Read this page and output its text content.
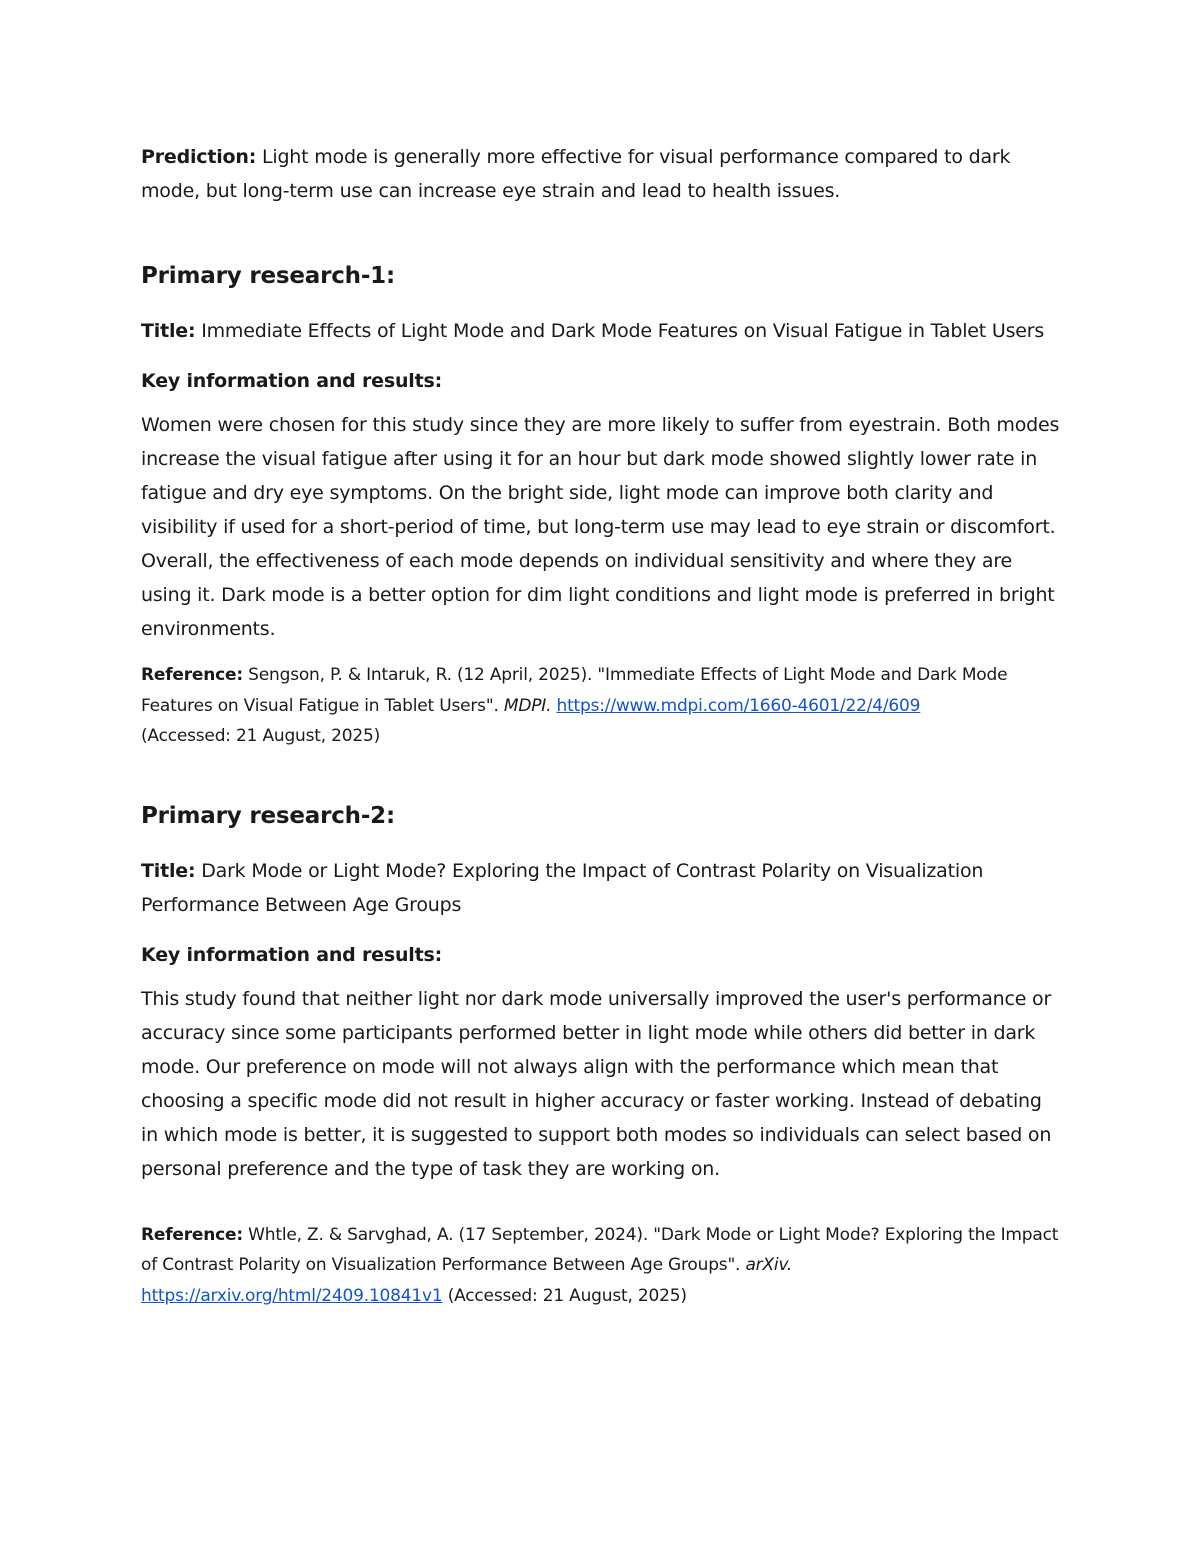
Prediction: Light mode is generally more effective for visual performance compared to dark mode, but long-term use can increase eye strain and lead to health issues.

Primary research-1:

Title: Immediate Effects of Light Mode and Dark Mode Features on Visual Fatigue in Tablet Users

Key information and results:

Women were chosen for this study since they are more likely to suffer from eyestrain. Both modes increase the visual fatigue after using it for an hour but dark mode showed slightly lower rate in fatigue and dry eye symptoms. On the bright side, light mode can improve both clarity and visibility if used for a short-period of time, but long-term use may lead to eye strain or discomfort. Overall, the effectiveness of each mode depends on individual sensitivity and where they are using it. Dark mode is a better option for dim light conditions and light mode is preferred in bright environments.

Reference: Sengson, P. & Intaruk, R. (12 April, 2025). "Immediate Effects of Light Mode and Dark Mode Features on Visual Fatigue in Tablet Users". MDPI. https://www.mdpi.com/1660-4601/22/4/609
(Accessed: 21 August, 2025)

Primary research-2:

Title: Dark Mode or Light Mode? Exploring the Impact of Contrast Polarity on Visualization Performance Between Age Groups

Key information and results:

This study found that neither light nor dark mode universally improved the user's performance or accuracy since some participants performed better in light mode while others did better in dark mode. Our preference on mode will not always align with the performance which mean that choosing a specific mode did not result in higher accuracy or faster working. Instead of debating in which mode is better, it is suggested to support both modes so individuals can select based on personal preference and the type of task they are working on.

Reference: Whtle, Z. & Sarvghad, A. (17 September, 2024). "Dark Mode or Light Mode? Exploring the Impact of Contrast Polarity on Visualization Performance Between Age Groups". arXiv.
https://arxiv.org/html/2409.10841v1 (Accessed: 21 August, 2025)
